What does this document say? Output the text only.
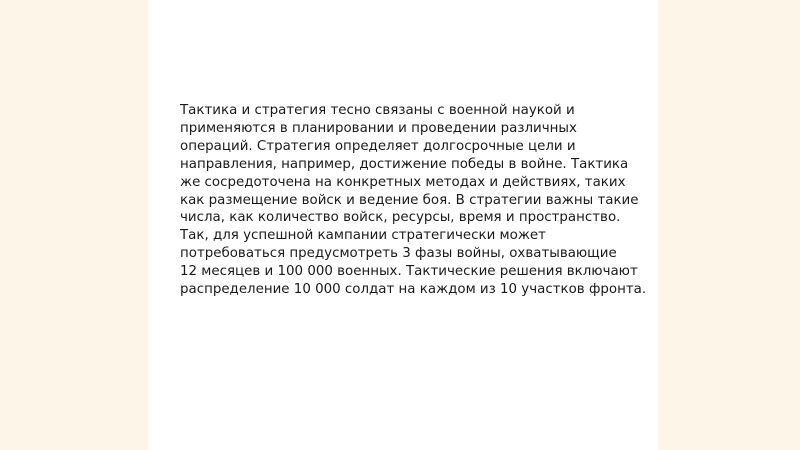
Тактика и стратегия тесно связаны с военной наукой и
применяются в планировании и проведении различных
операций. Стратегия определяет долгосрочные цели и
направления, например, достижение победы в войне. Тактика
же сосредоточена на конкретных методах и действиях, таких
как размещение войск и ведение боя. В стратегии важны такие
числа, как количество войск, ресурсы, время и пространство.
Так, для успешной кампании стратегически может
потребоваться предусмотреть 3 фазы войны, охватывающие
12 месяцев и 100 000 военных. Тактические решения включают
распределение 10 000 солдат на каждом из 10 участков фронта.
